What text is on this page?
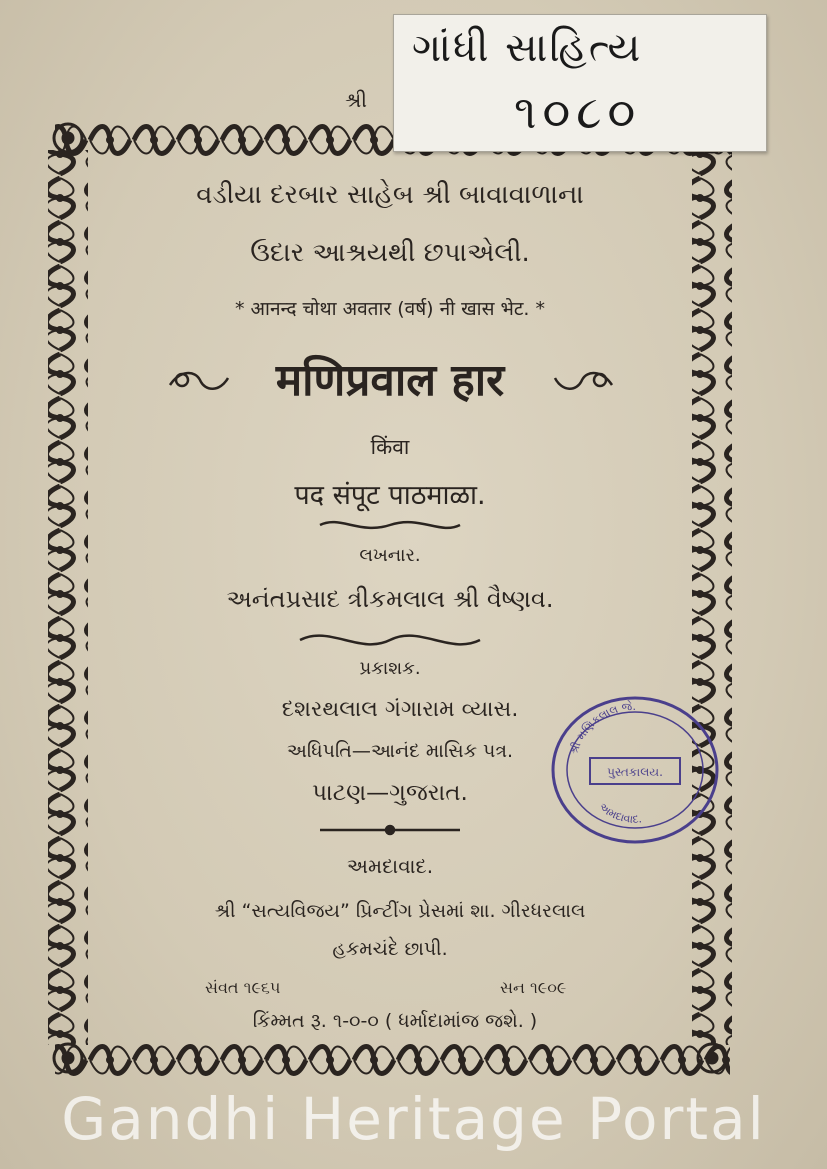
શ્રી
વડીયા દરબાર સાહેબ શ્રી બાવાવાળાના
ઉદાર આશ્રયથી છપાએલી.
* आनन्द चोथा अवतार (वर्ष) नी खास भेट. *
मणिप्रवाल हार
किंवा
पद संपूट पाठमाळा.
લખનાર.
અનંતપ્રસાદ ત્રીકમલાલ શ્રી વૈષ્ણવ.
પ્રકાશક.
દશરથલાલ ગંગારામ વ્યાસ.
અધિપતિ—આનંદ માસિક પત્ર.
પાટણ—ગુજરાત.
અમદાવાદ.
શ્રી “સત્યવિજય” પ્રિન્ટીંગ પ્રેસમાં શા. ગીરધરલાલ
હકમચંદે છાપી.
સંવત ૧૯૬૫	સન ૧૯૦૯
કિંમ્મત રૂ. ૧-૦-૦ ( ધર્માદામાંજ જશે. )
શ્રી મણિકલાલ જે.
પુસ્તકાલય.
અમદાવાદ.
ગાંધી સાહિત્ય
૧૦૮૦
Gandhi Heritage Portal
